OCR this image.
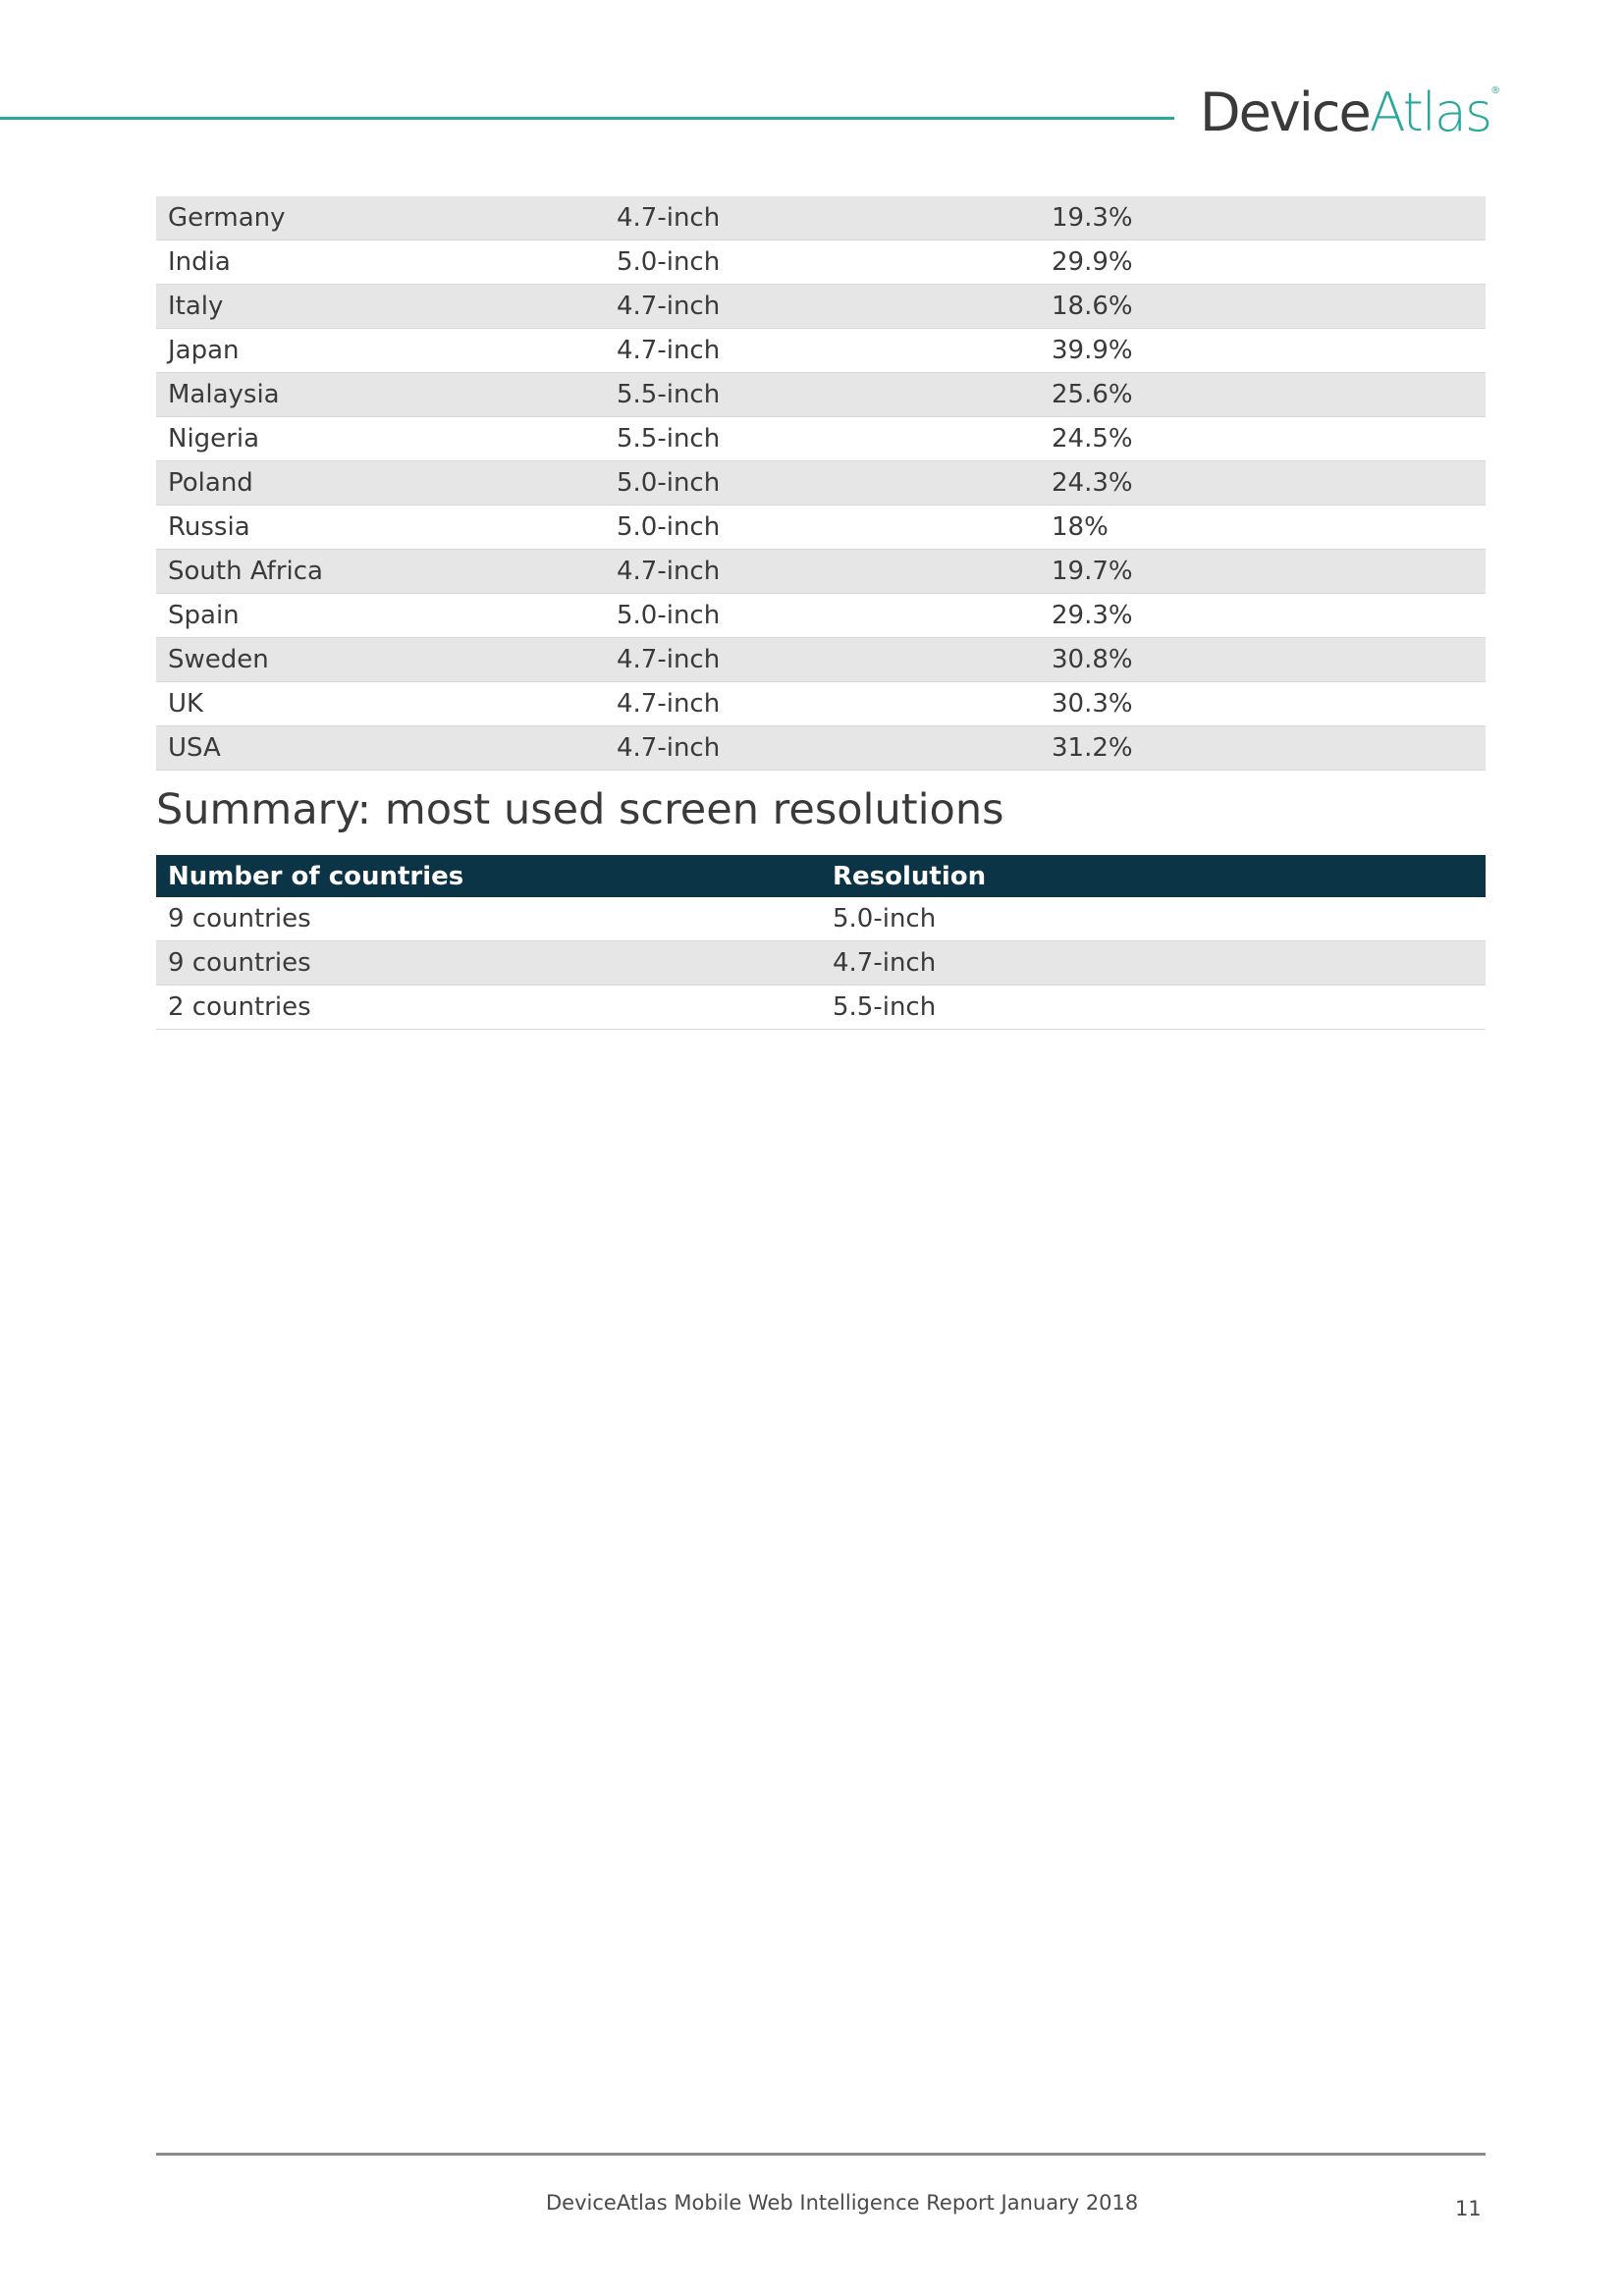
DeviceAtlas®
Germany	4.7-inch	19.3%
India	5.0-inch	29.9%
Italy	4.7-inch	18.6%
Japan	4.7-inch	39.9%
Malaysia	5.5-inch	25.6%
Nigeria	5.5-inch	24.5%
Poland	5.0-inch	24.3%
Russia	5.0-inch	18%
South Africa	4.7-inch	19.7%
Spain	5.0-inch	29.3%
Sweden	4.7-inch	30.8%
UK	4.7-inch	30.3%
USA	4.7-inch	31.2%
Summary: most used screen resolutions
Number of countries	Resolution
9 countries	5.0-inch
9 countries	4.7-inch
2 countries	5.5-inch
DeviceAtlas Mobile Web Intelligence Report January 2018	11
